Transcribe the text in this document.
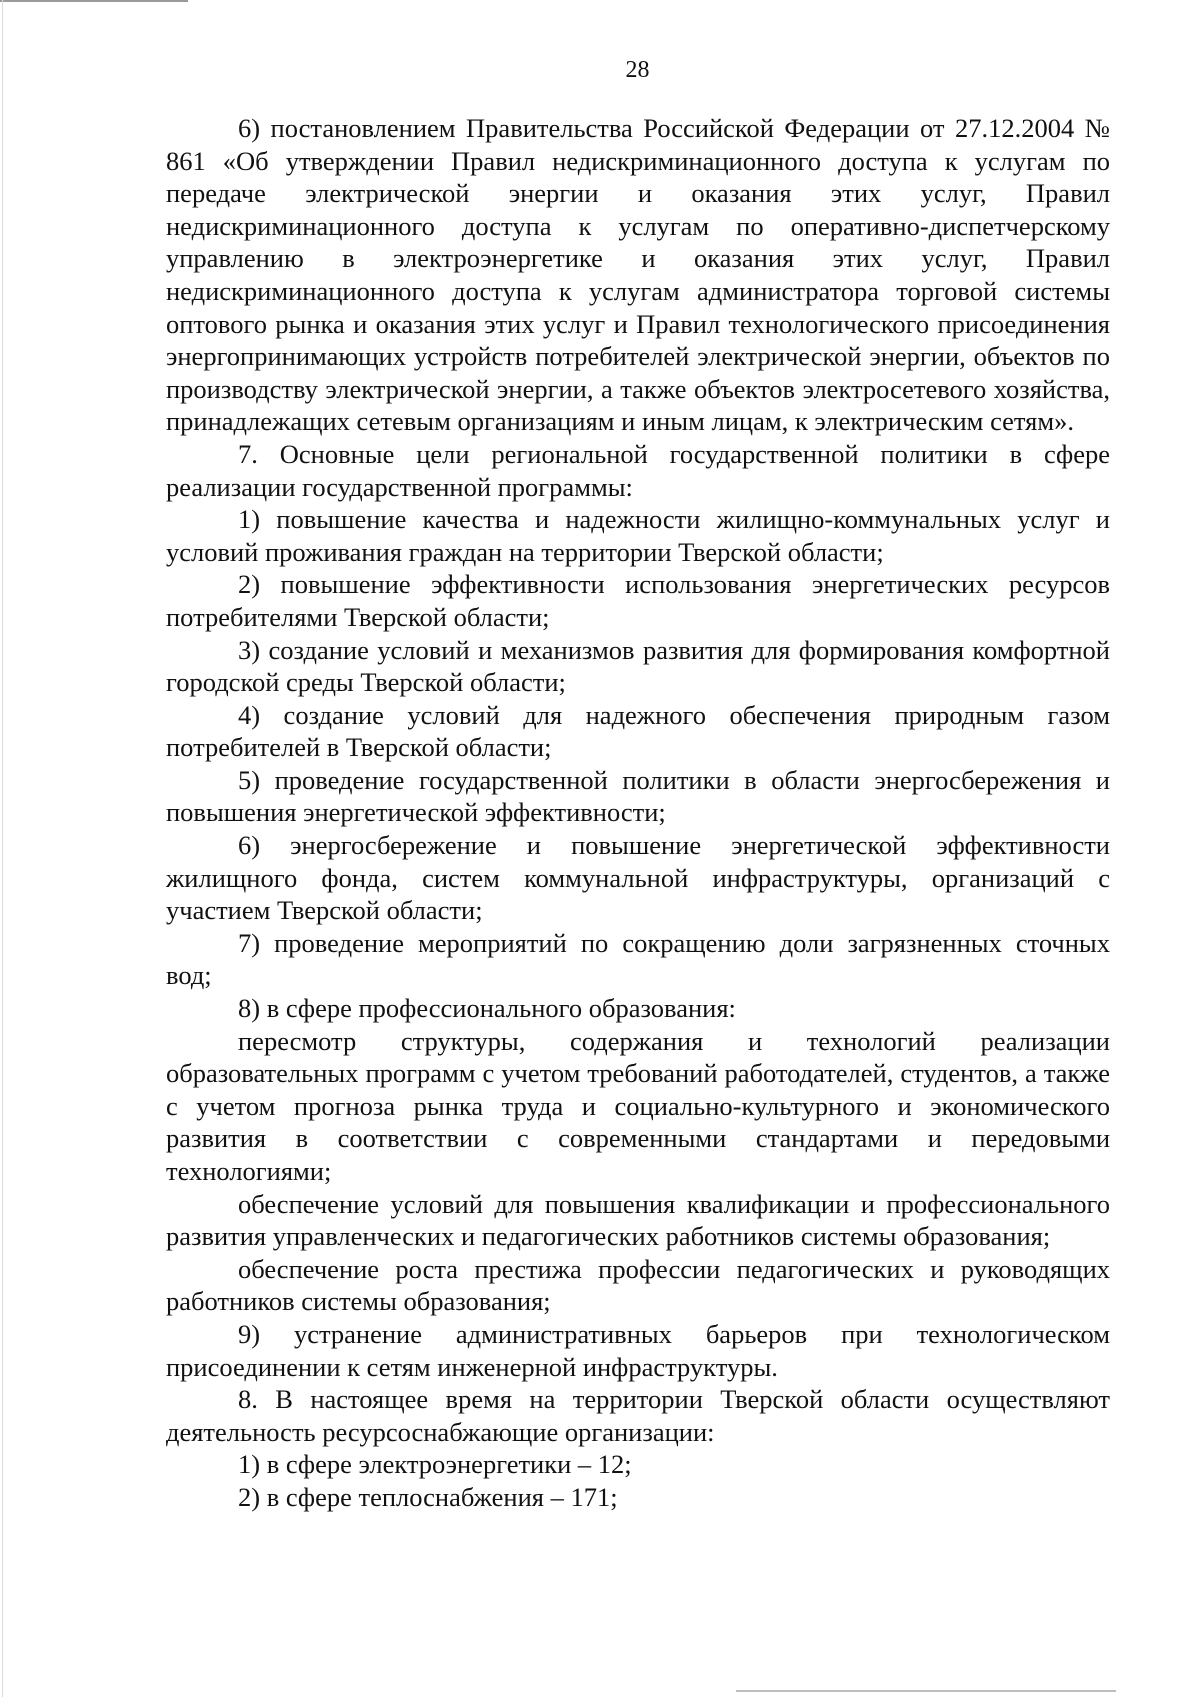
28

6) постановлением Правительства Российской Федерации от 27.12.2004 № 861 «Об утверждении Правил недискриминационного доступа к услугам по передаче электрической энергии и оказания этих услуг, Правил недискриминационного доступа к услугам по оперативно-диспетчерскому управлению в электроэнергетике и оказания этих услуг, Правил недискриминационного доступа к услугам администратора торговой системы оптового рынка и оказания этих услуг и Правил технологического присоединения энергопринимающих устройств потребителей электрической энергии, объектов по производству электрической энергии, а также объектов электросетевого хозяйства, принадлежащих сетевым организациям и иным лицам, к электрическим сетям».

7. Основные цели региональной государственной политики в сфере реализации государственной программы:

1) повышение качества и надежности жилищно-коммунальных услуг и условий проживания граждан на территории Тверской области;

2) повышение эффективности использования энергетических ресурсов потребителями Тверской области;

3) создание условий и механизмов развития для формирования комфортной городской среды Тверской области;

4) создание условий для надежного обеспечения природным газом потребителей в Тверской области;

5) проведение государственной политики в области энергосбережения и повышения энергетической эффективности;

6) энергосбережение и повышение энергетической эффективности жилищного фонда, систем коммунальной инфраструктуры, организаций с участием Тверской области;

7) проведение мероприятий по сокращению доли загрязненных сточных вод;

8) в сфере профессионального образования:

пересмотр структуры, содержания и технологий реализации образовательных программ с учетом требований работодателей, студентов, а также с учетом прогноза рынка труда и социально-культурного и экономического развития в соответствии с современными стандартами и передовыми технологиями;

обеспечение условий для повышения квалификации и профессионального развития управленческих и педагогических работников системы образования;

обеспечение роста престижа профессии педагогических и руководящих работников системы образования;

9) устранение административных барьеров при технологическом присоединении к сетям инженерной инфраструктуры.

8. В настоящее время на территории Тверской области осуществляют деятельность ресурсоснабжающие организации:

1) в сфере электроэнергетики – 12;

2) в сфере теплоснабжения – 171;
